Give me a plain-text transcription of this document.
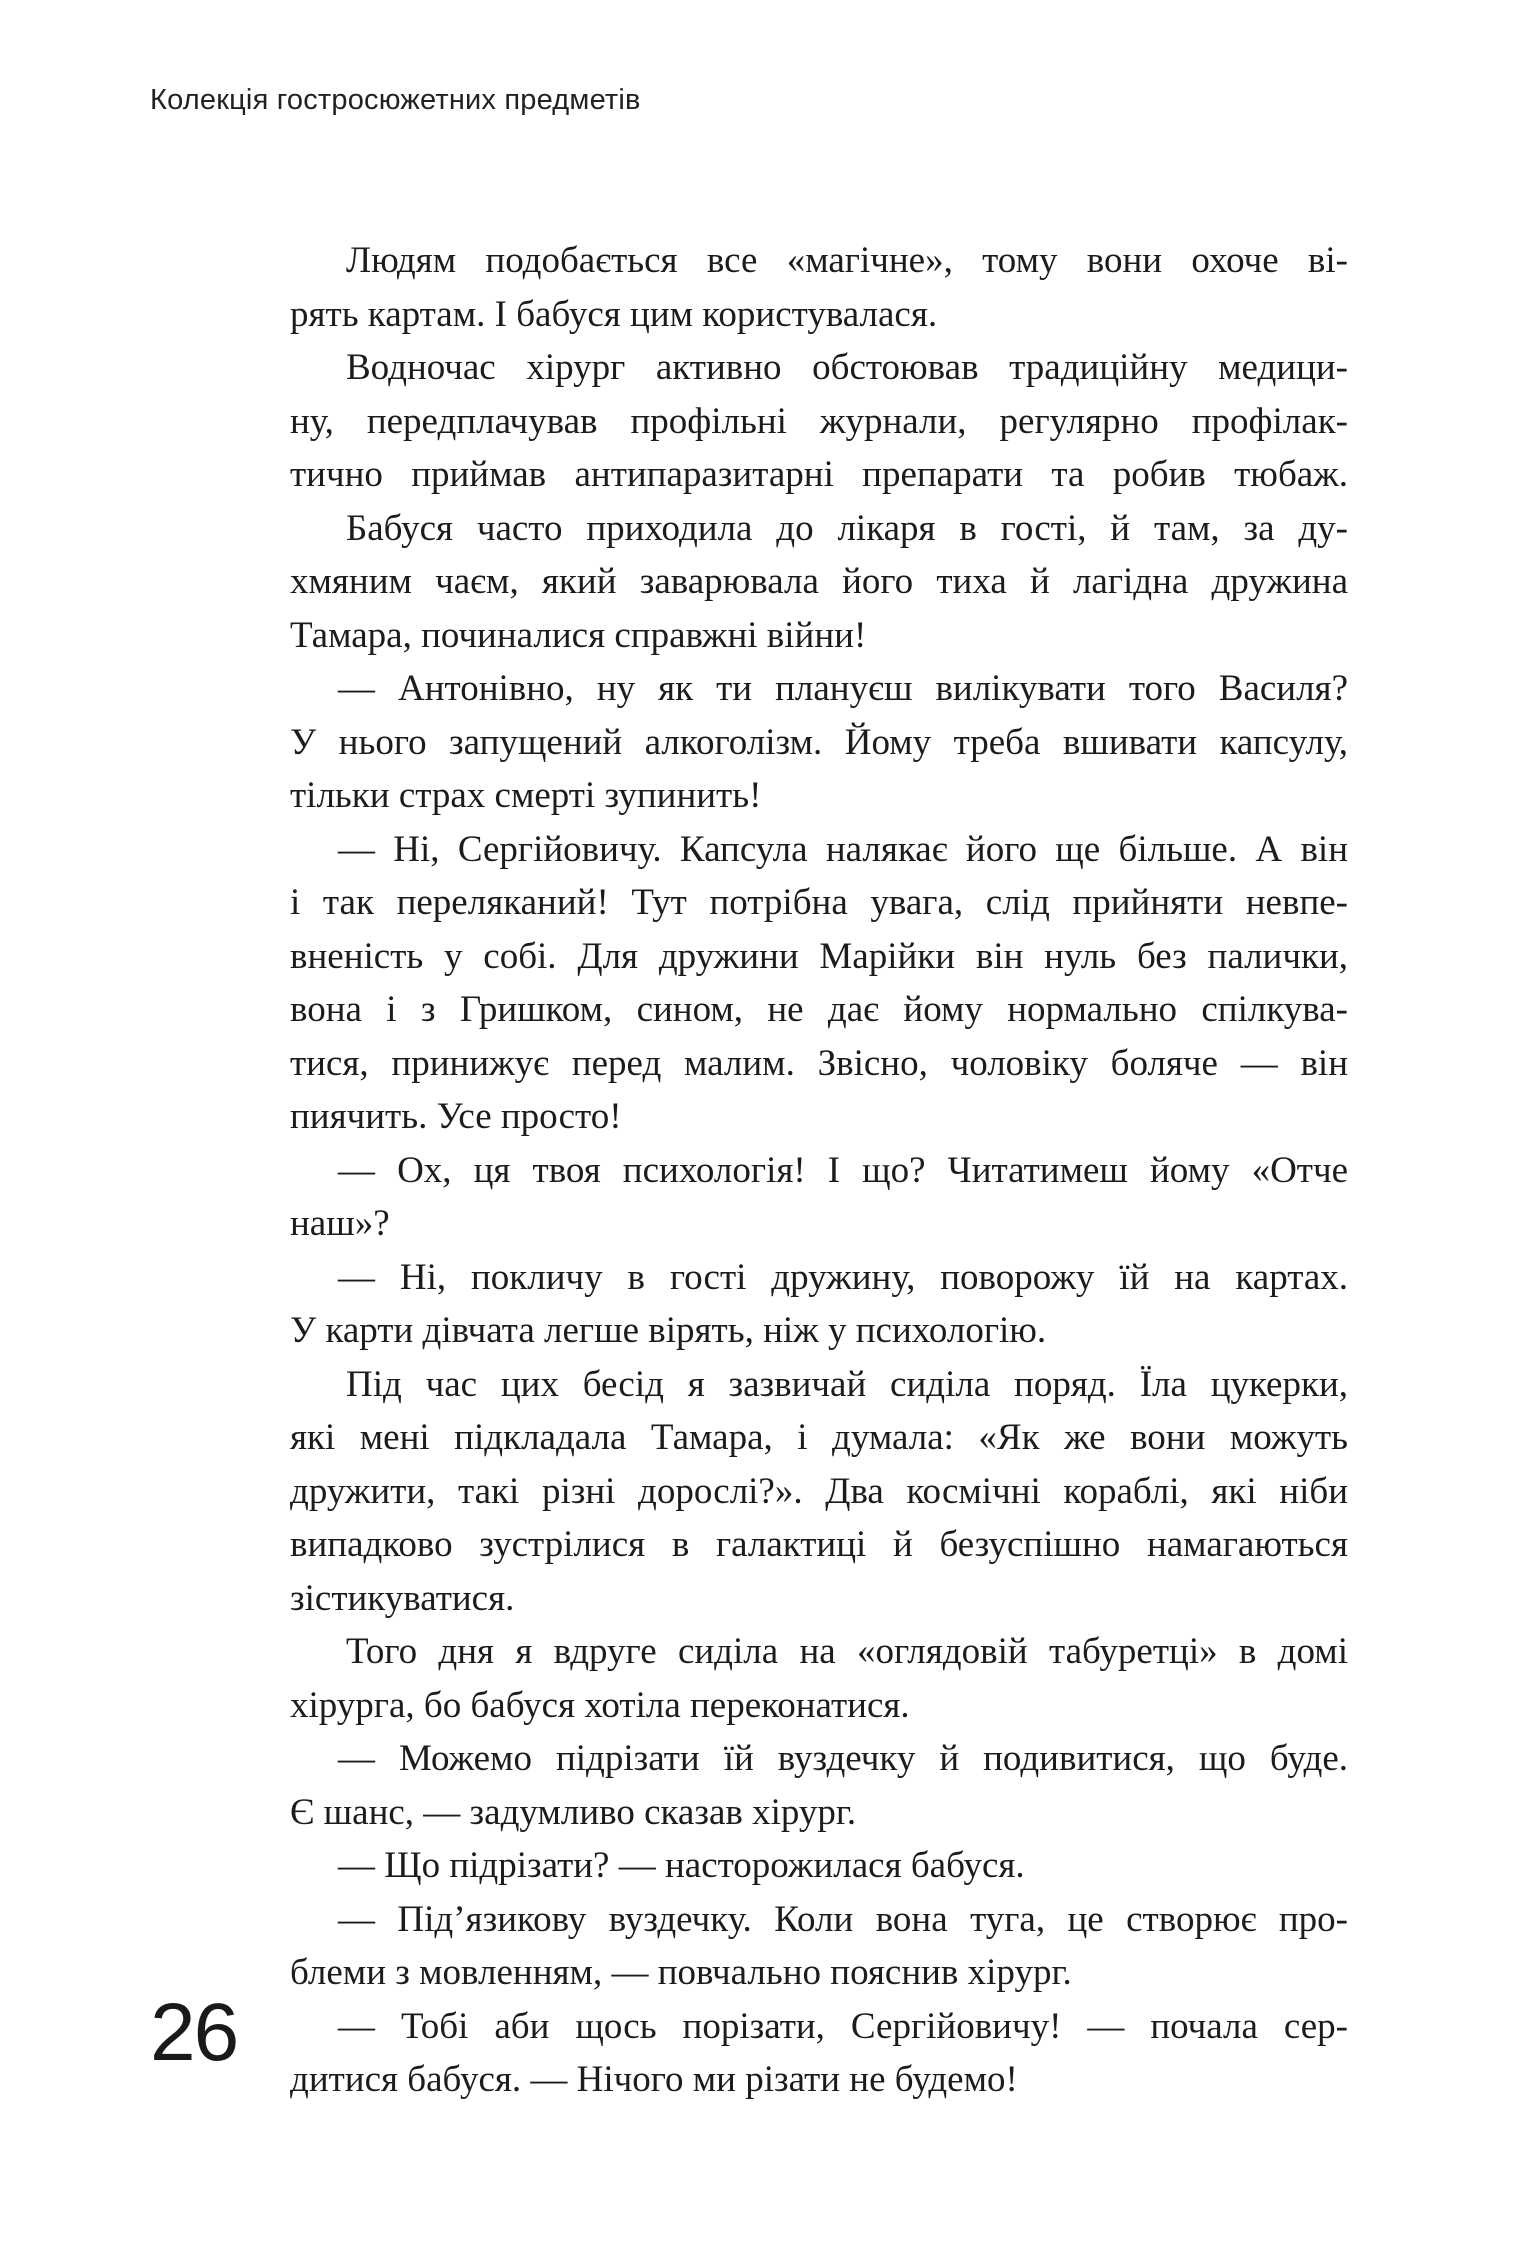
Колекція гостросюжетних предметів
Людям подобається все «магічне», тому вони охоче ві-
рять картам. І бабуся цим користувалася.
Водночас хірург активно обстоював традиційну медици-
ну, передплачував профільні журнали, регулярно профілак-
тично приймав антипаразитарні препарати та робив тюбаж.
Бабуся часто приходила до лікаря в гості, й там, за ду-
хмяним чаєм, який заварювала його тиха й лагідна дружина
Тамара, починалися справжні війни!
— Антонівно, ну як ти плануєш вилікувати того Василя?
У нього запущений алкоголізм. Йому треба вшивати капсулу,
тільки страх смерті зупинить!
— Ні, Сергійовичу. Капсула налякає його ще більше. А він
і так переляканий! Тут потрібна увага, слід прийняти невпе-
вненість у собі. Для дружини Марійки він нуль без палички,
вона і з Гришком, сином, не дає йому нормально спілкува-
тися, принижує перед малим. Звісно, чоловіку боляче — він
пиячить. Усе просто!
— Ох, ця твоя психологія! І що? Читатимеш йому «Отче
наш»?
— Ні, покличу в гості дружину, поворожу їй на картах.
У карти дівчата легше вірять, ніж у психологію.
Під час цих бесід я зазвичай сиділа поряд. Їла цукерки,
які мені підкладала Тамара, і думала: «Як же вони можуть
дружити, такі різні дорослі?». Два космічні кораблі, які ніби
випадково зустрілися в галактиці й безуспішно намагаються
зістикуватися.
Того дня я вдруге сиділа на «оглядовій табуретці» в домі
хірурга, бо бабуся хотіла переконатися.
— Можемо підрізати їй вуздечку й подивитися, що буде.
Є шанс, — задумливо сказав хірург.
— Що підрізати? — насторожилася бабуся.
— Під’язикову вуздечку. Коли вона туга, це створює про-
блеми з мовленням, — повчально пояснив хірург.
— Тобі аби щось порізати, Сергійовичу! — почала сер-
дитися бабуся. — Нічого ми різати не будемо!
26
